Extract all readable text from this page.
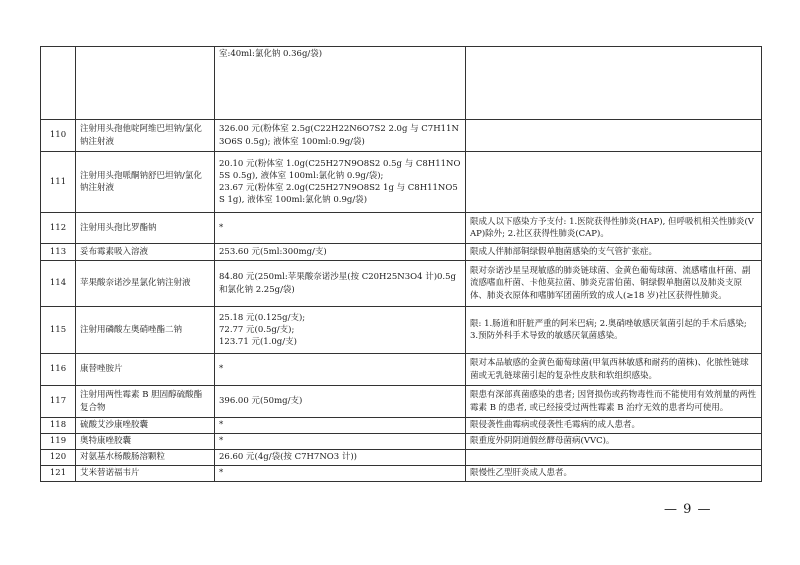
		室:40ml:氯化钠 0.36g/袋)	

110	注射用头孢他啶阿维巴坦钠/氯化钠注射液	326.00 元(粉体室 2.5g(C22H22N6O7S2 2.0g 与 C7H11N3O6S 0.5g); 液体室 100ml:0.9g/袋)	

111	注射用头孢哌酮钠舒巴坦钠/氯化钠注射液	20.10 元(粉体室 1.0g(C25H27N9O8S2 0.5g 与 C8H11NO5S 0.5g), 液体室 100ml:氯化钠 0.9g/袋);
23.67 元(粉体室 2.0g(C25H27N9O8S2 1g 与 C8H11NO5S 1g), 液体室 100ml:氯化钠 0.9g/袋)	

112	注射用头孢比罗酯钠	*	限成人以下感染方予支付: 1.医院获得性肺炎(HAP), 但呼吸机相关性肺炎(VAP)除外; 2.社区获得性肺炎(CAP)。

113	妥布霉素吸入溶液	253.60 元(5ml:300mg/支)	限成人伴肺部铜绿假单胞菌感染的支气管扩张症。

114	苹果酸奈诺沙星氯化钠注射液	84.80 元(250ml:苹果酸奈诺沙星(按 C20H25N3O4 计)0.5g 和氯化钠 2.25g/袋)	限对奈诺沙星呈现敏感的肺炎链球菌、金黄色葡萄球菌、流感嗜血杆菌、副流感嗜血杆菌、卡他莫拉菌、肺炎克雷伯菌、铜绿假单胞菌以及肺炎支原体、肺炎衣原体和嗜肺军团菌所致的成人(≥18 岁)社区获得性肺炎。

115	注射用磷酸左奥硝唑酯二钠	25.18 元(0.125g/支);
72.77 元(0.5g/支);
123.71 元(1.0g/支)	限: 1.肠道和肝脏严重的阿米巴病; 2.奥硝唑敏感厌氧菌引起的手术后感染; 3.预防外科手术导致的敏感厌氧菌感染。

116	康替唑胺片	*	限对本品敏感的金黄色葡萄球菌(甲氧西林敏感和耐药的菌株)、化脓性链球菌或无乳链球菌引起的复杂性皮肤和软组织感染。

117	注射用两性霉素 B 胆固醇硫酸酯复合物	396.00 元(50mg/支)	限患有深部真菌感染的患者; 因肾损伤或药物毒性而不能使用有效剂量的两性霉素 B 的患者, 或已经接受过两性霉素 B 治疗无效的患者均可使用。

118	硫酸艾沙康唑胶囊	*	限侵袭性曲霉病或侵袭性毛霉病的成人患者。

119	奥特康唑胶囊	*	限重度外阴阴道假丝酵母菌病(VVC)。

120	对氨基水杨酸肠溶颗粒	26.60 元(4g/袋(按 C7H7NO3 计))	

121	艾米替诺福韦片	*	限慢性乙型肝炎成人患者。
— 9 —
